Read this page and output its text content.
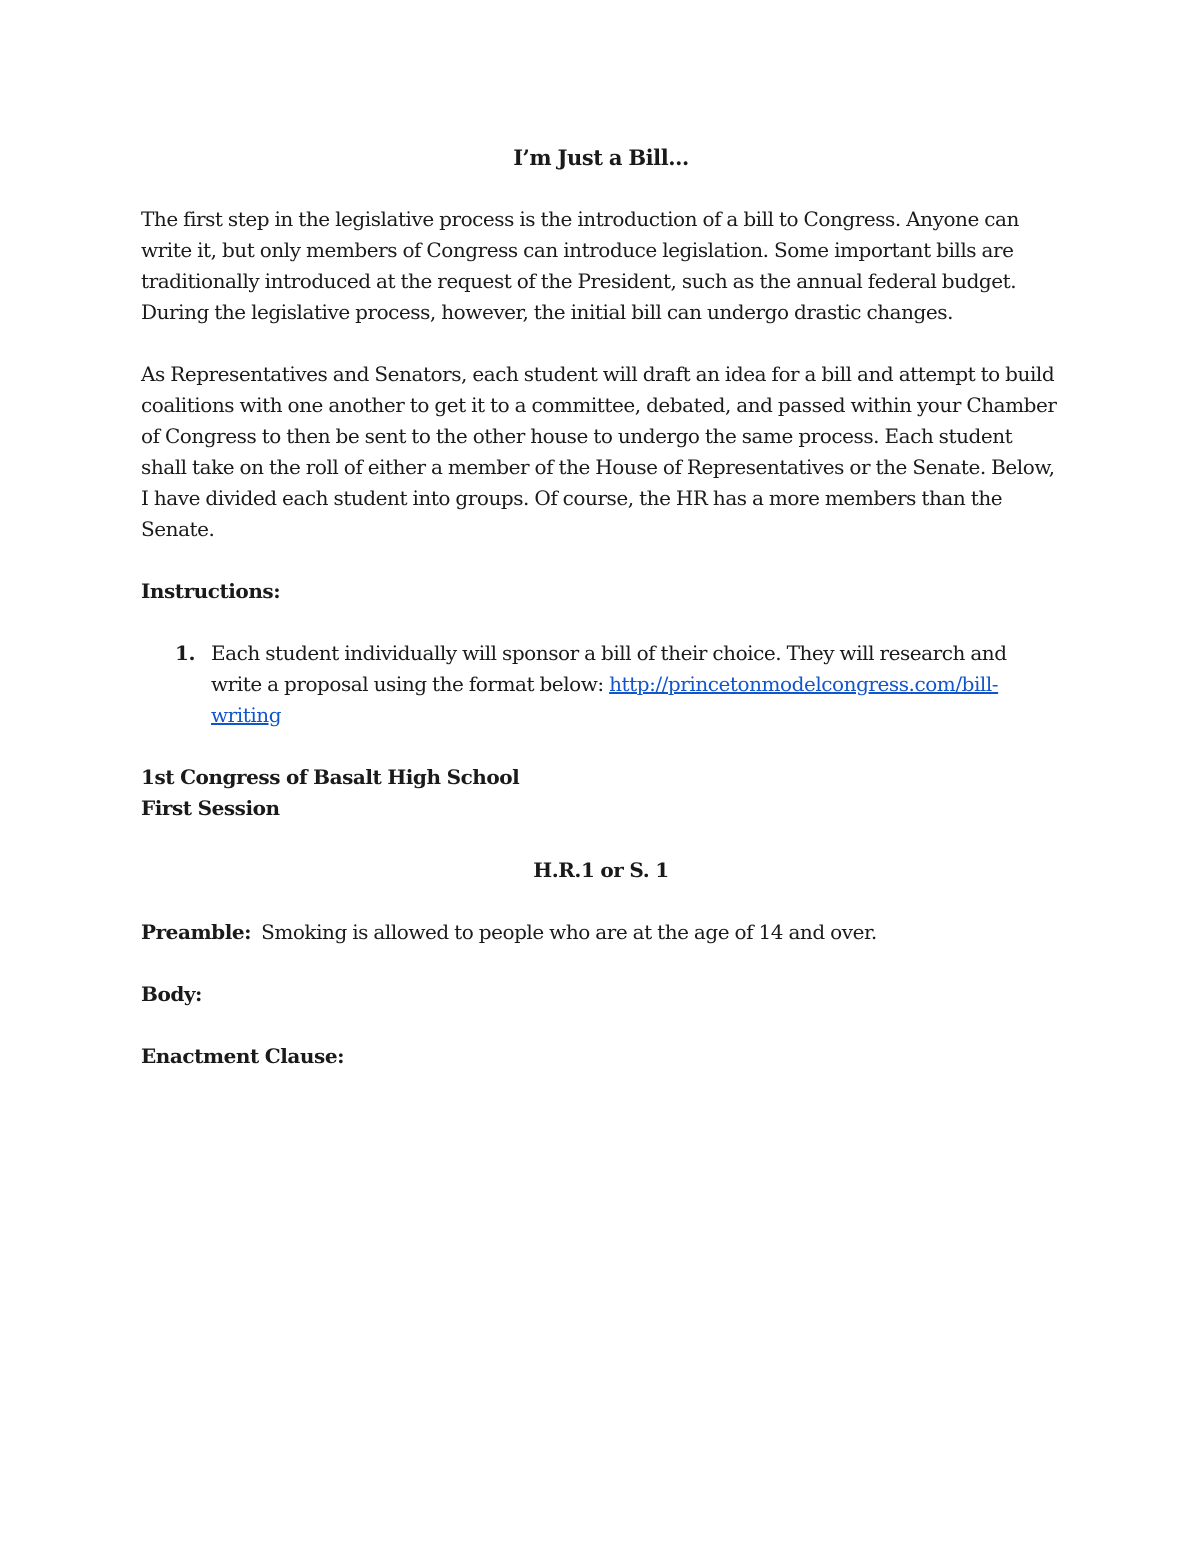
I’m Just a Bill…

The first step in the legislative process is the introduction of a bill to Congress. Anyone can write it, but only members of Congress can introduce legislation. Some important bills are traditionally introduced at the request of the President, such as the annual federal budget. During the legislative process, however, the initial bill can undergo drastic changes.

As Representatives and Senators, each student will draft an idea for a bill and attempt to build coalitions with one another to get it to a committee, debated, and passed within your Chamber of Congress to then be sent to the other house to undergo the same process. Each student shall take on the roll of either a member of the House of Representatives or the Senate. Below, I have divided each student into groups. Of course, the HR has a more members than the Senate.

Instructions:

1. Each student individually will sponsor a bill of their choice. They will research and write a proposal using the format below: http://princetonmodelcongress.com/bill-writing
1st Congress of Basalt High School

First Session

H.R.1 or S. 1

Preamble: Smoking is allowed to people who are at the age of 14 and over.

Body:

Enactment Clause:
